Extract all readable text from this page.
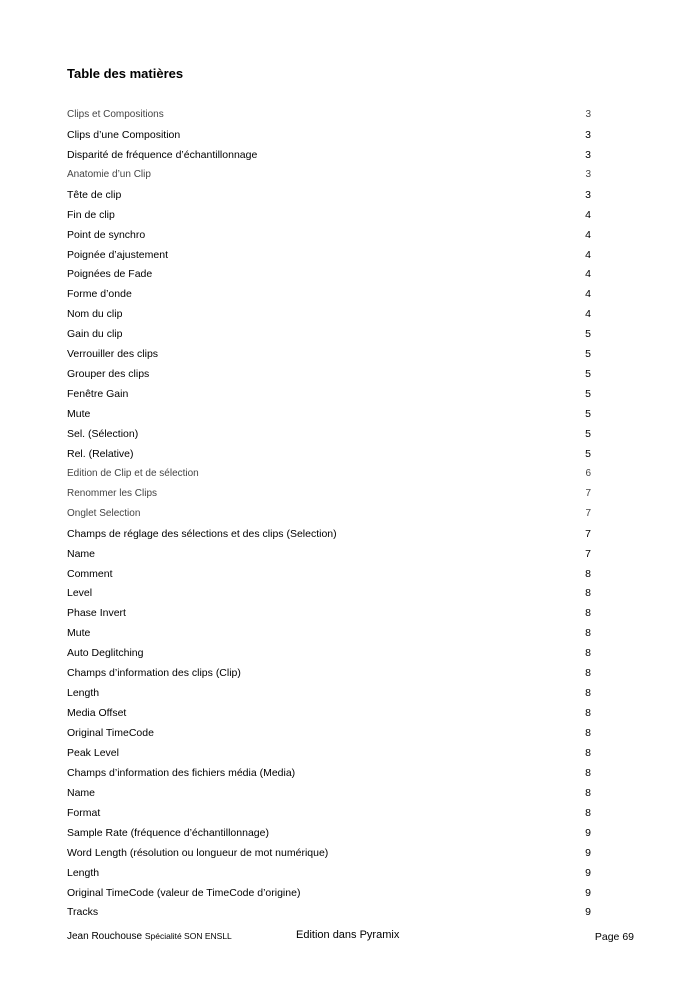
Table des matières
Clips et Compositions	3
Clips d’une Composition	3
Disparité de fréquence d’échantillonnage	3
Anatomie d’un Clip	3
Tête de clip	3
Fin de clip	4
Point de synchro	4
Poignée d’ajustement	4
Poignées de Fade	4
Forme d’onde	4
Nom du clip	4
Gain du clip	5
Verrouiller des clips	5
Grouper des clips	5
Fenêtre Gain	5
Mute	5
Sel. (Sélection)	5
Rel. (Relative)	5
Edition de Clip et de sélection	6
Renommer les Clips	7
Onglet Selection	7
Champs de réglage des sélections et des clips (Selection)	7
Name	7
Comment	8
Level	8
Phase Invert	8
Mute	8
Auto Deglitching	8
Champs d’information des clips (Clip)	8
Length	8
Media Offset	8
Original TimeCode	8
Peak Level	8
Champs d’information des fichiers média (Media)	8
Name	8
Format	8
Sample Rate (fréquence d’échantillonnage)	9
Word Length (résolution ou longueur de mot numérique)	9
Length	9
Original TimeCode (valeur de TimeCode d’origine)	9
Tracks	9
Jean Rouchouse Spécialité SON ENSLL	Edition dans Pyramix	Page 69
